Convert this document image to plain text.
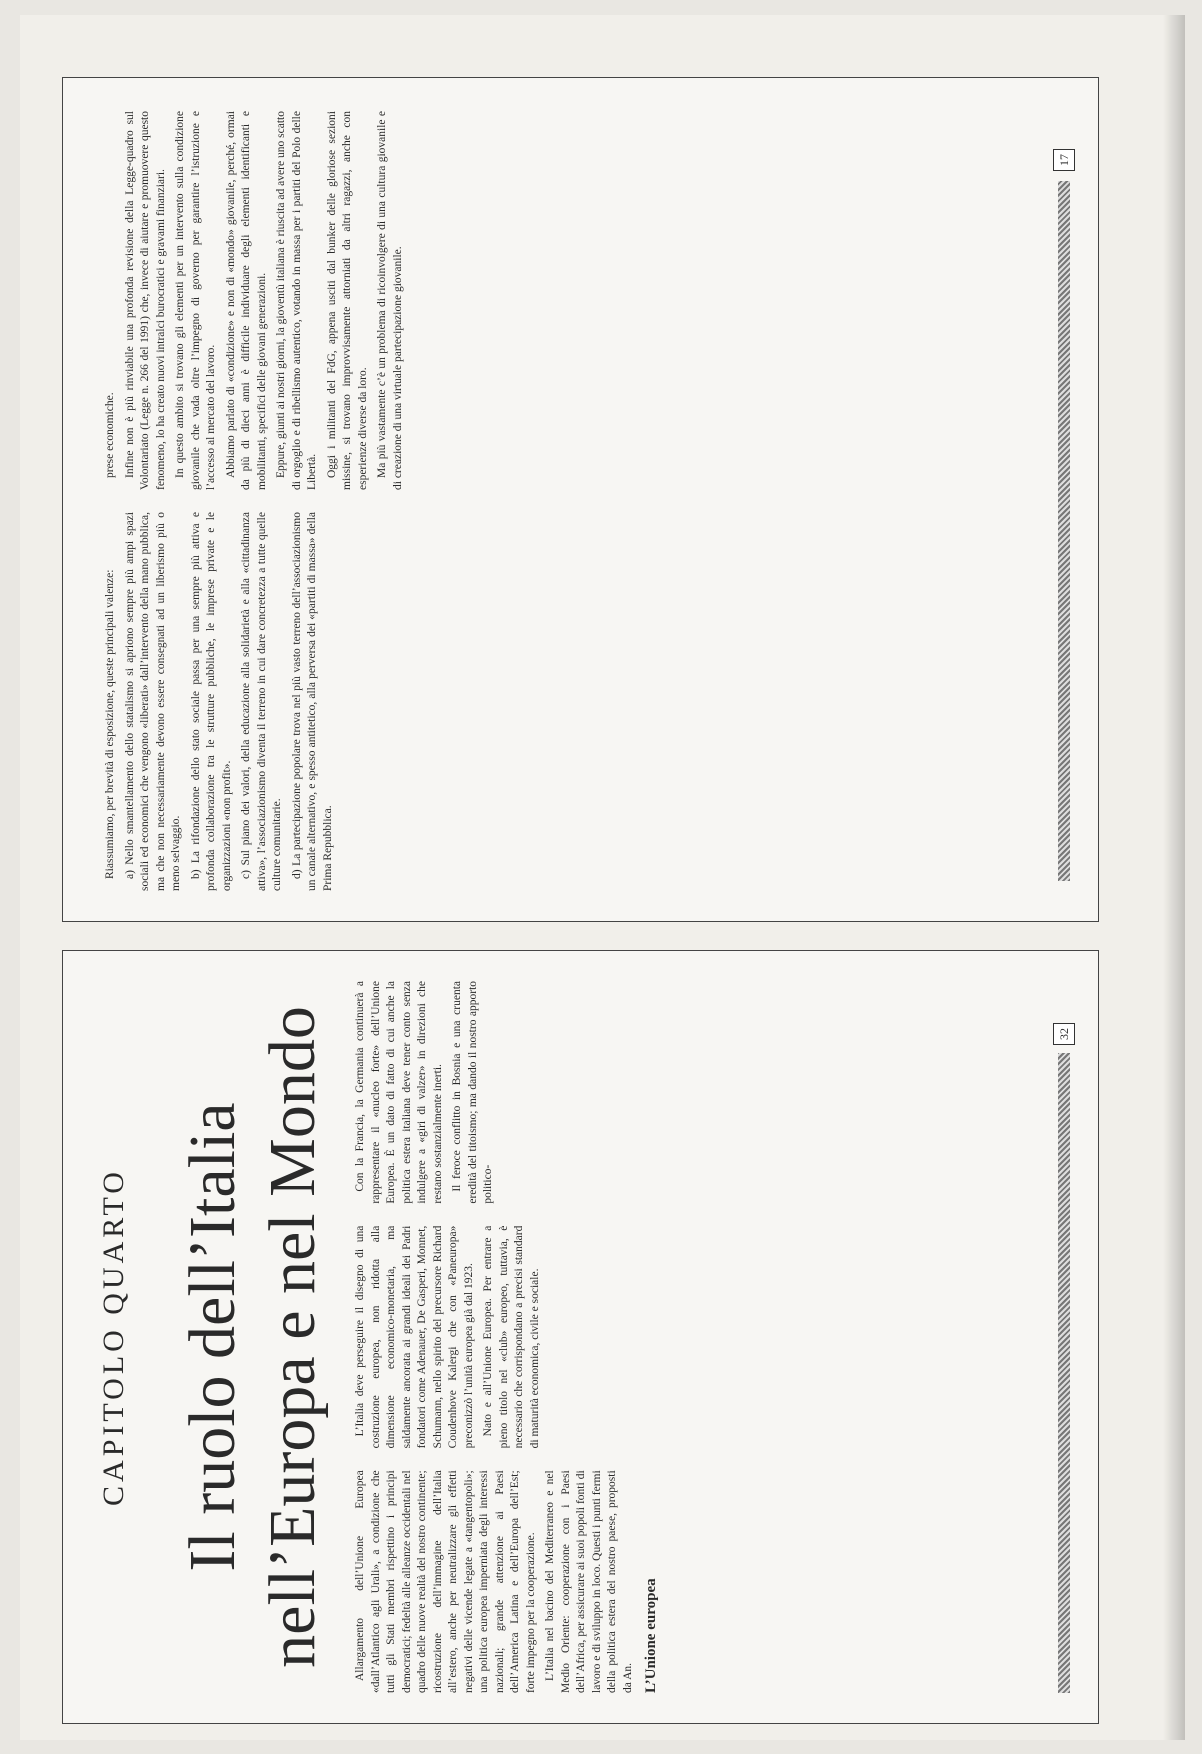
Riassumiamo, per brevità di esposizione, queste principali valenze: a) Nello smantellamento dello statalismo si apriono sempre più ampi spazi sociali ed economici che vengono «liberati» dall’intervento della mano pubblica, ma che non necessariamente devono essere consegnati ad un liberismo più o meno selvaggio. b) La rifondazione dello stato sociale passa per una sempre più attiva e profonda collaborazione tra le strutture pubbliche, le imprese private e le organizzazioni «non profit». c) Sul piano dei valori, della educazione alla solidarietà e alla «cittadinanza attiva», l’associazionismo diventa il terreno in cui dare concretezza a tutte quelle culture comunitarie. d) La partecipazione popolare trova nel più vasto terreno dell’associazionismo un canale alternativo, e spesso antitetico, alla perversa dei «partiti di massa» della Prima Repubblica.

prese economiche. Infine non è più rinviabile una profonda revisione della Legge-quadro sul Volontariato (Legge n. 266 del 1991) che, invece di aiutare e promuovere questo fenomeno, lo ha creato nuovi intralci burocratici e gravami finanziari. In questo ambito si trovano gli elementi per un intervento sulla condizione giovanile che vada oltre l’impegno di governo per garantire l’istruzione e l’accesso al mercato del lavoro. Abbiamo parlato di «condizione» e non di «mondo» giovanile, perché, ormai da più di dieci anni è difficile individuare degli elementi identificanti e mobilitanti, specifici delle giovani generazioni. Eppure, giunti ai nostri giorni, la gioventù italiana è riuscita ad avere uno scatto di orgoglio e di ribellismo autentico, votando in massa per i partiti del Polo delle Libertà. Oggi i militanti del FdG, appena usciti dal bunker delle gloriose sezioni missine, si trovano improvvisamente attorniati da altri ragazzi, anche con esperienze diverse da loro. Ma più vastamente c’è un problema di ricoinvolgere di una cultura giovanile e di creazione di una virtuale partecipazione giovanile.

17
CAPITOLO QUARTO Il ruolo dell’Italia nell’Europa e nel Mondo	Allargamento dell’Unione Europea «dall’Atlantico agli Urali», a condizione che tutti gli Stati membri rispettino i principi democratici; fedeltà alle alleanze occidentali nel quadro delle nuove realtà del nostro continente; ricostruzione dell’immagine dell’Italia all’estero, anche per neutralizzare gli effetti negativi delle vicende legate a «tangentopoli»; una politica europea imperniata degli interessi nazionali; grande attenzione ai Paesi dell’America Latina e dell’Europa dell’Est; forte impegno per la cooperazione. L’Italia nel bacino del Mediterraneo e nel Medio Oriente: cooperazione con i Paesi dell’Africa, per assicurare ai suoi popoli fonti di lavoro e di sviluppo in loco. Questi i punti fermi della politica estera del nostro paese, proposti da An. L’Unione europea

L’Italia deve perseguire il disegno di una costruzione europea, non ridotta alla dimensione economico-monetaria, ma saldamente ancorata ai grandi ideali dei Padri fondatori come Adenauer, De Gasperi, Monnet, Schumann, nello spirito del precursore Richard Coudenhove Kalergi che con «Paneuropa» preconizzò l’unità europea già dal 1923. Nato e all’Unione Europea. Per entrare a pieno titolo nel «club» europeo, tuttavia, è necessario che corrispondano a precisi standard di maturità economica, civile e sociale.

Con la Francia, la Germania continuerà a rappresentare il «nucleo forte» dell’Unione Europea. È un dato di fatto di cui anche la politica estera italiana deve tener conto senza indulgere a «giri di valzer» in direzioni che restano sostanzialmente inerti. Il feroce conflitto in Bosnia e una cruenta eredità del titoismo; ma dando il nostro apporto politico-

32
